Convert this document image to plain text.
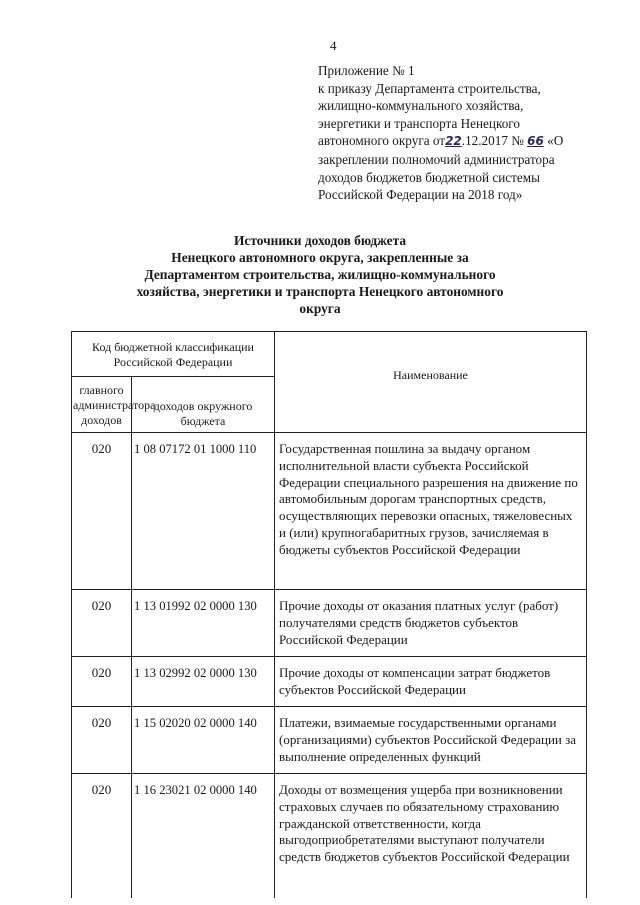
4
Приложение № 1
к приказу Департамента строительства,
жилищно-коммунального хозяйства,
энергетики и транспорта Ненецкого
автономного округа от22.12.2017 № 66 «О
закреплении полномочий администратора
доходов бюджетов бюджетной системы
Российской Федерации на 2018 год»
Источники доходов бюджета
Ненецкого автономного округа, закрепленные за
Департаментом строительства, жилищно-коммунального
хозяйства, энергетики и транспорта Ненецкого автономного
округа
Код бюджетной классификации Российской Федерации		Наименование
главного администратора доходов	доходов окружного бюджета	
020	1 08 07172 01 1000 110	Государственная пошлина за выдачу органом исполнительной власти субъекта Российской Федерации специального разрешения на движение по автомобильным дорогам транспортных средств, осуществляющих перевозки опасных, тяжеловесных и (или) крупногабаритных грузов, зачисляемая в бюджеты субъектов Российской Федерации
020	1 13 01992 02 0000 130	Прочие доходы от оказания платных услуг (работ) получателями средств бюджетов субъектов Российской Федерации
020	1 13 02992 02 0000 130	Прочие доходы от компенсации затрат бюджетов субъектов Российской Федерации
020	1 15 02020 02 0000 140	Платежи, взимаемые государственными органами (организациями) субъектов Российской Федерации за выполнение определенных функций
020	1 16 23021 02 0000 140	Доходы от возмещения ущерба при возникновении страховых случаев по обязательному страхованию гражданской ответственности, когда выгодоприобретателями выступают получатели средств бюджетов субъектов Российской Федерации
